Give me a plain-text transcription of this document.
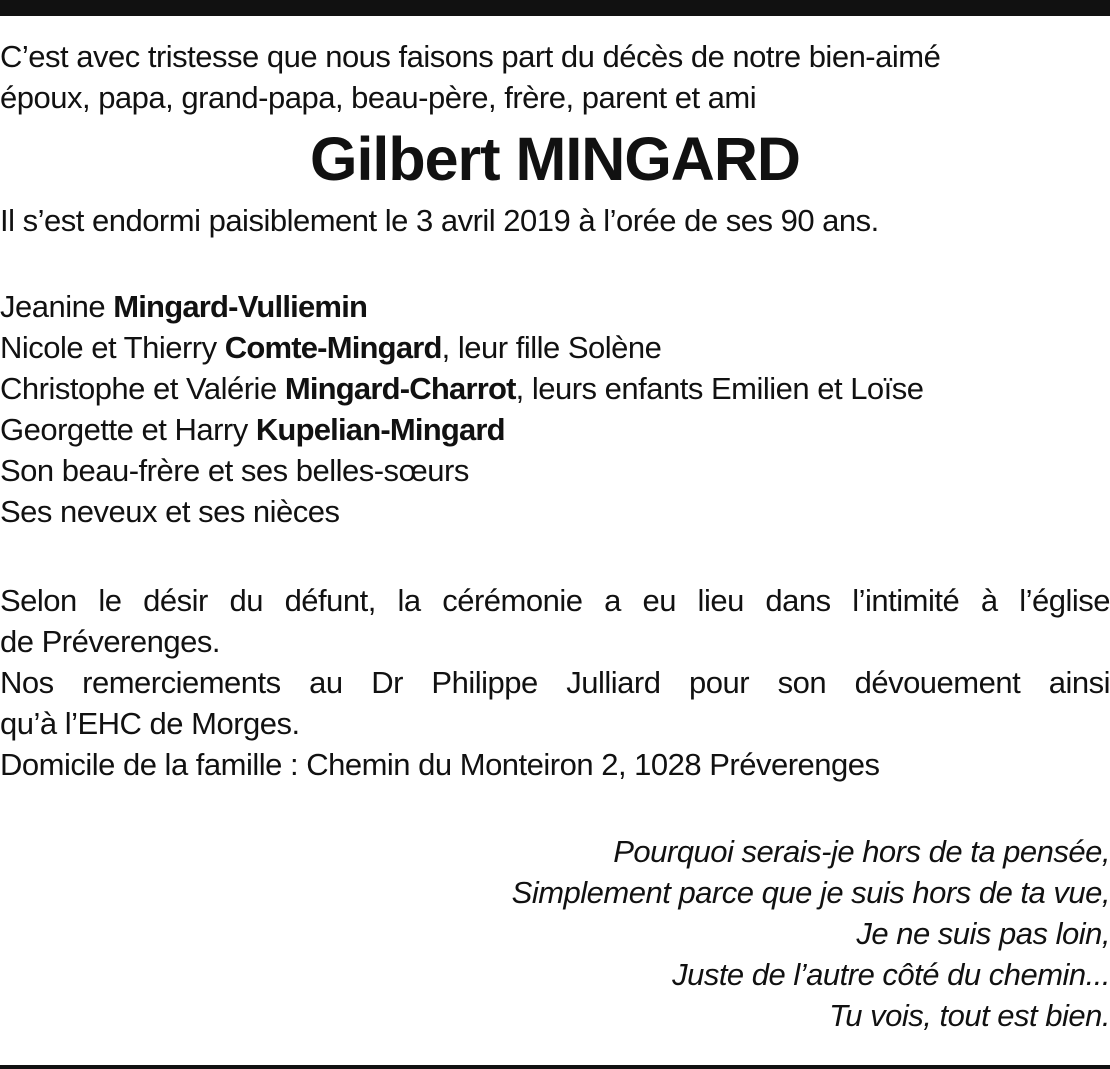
C’est avec tristesse que nous faisons part du décès de notre bien-aimé

époux, papa, grand-papa, beau-père, frère, parent et ami

Gilbert MINGARD

Il s’est endormi paisiblement le 3 avril 2019 à l’orée de ses 90 ans.

Jeanine Mingard-Vulliemin

Nicole et Thierry Comte-Mingard, leur fille Solène

Christophe et Valérie Mingard-Charrot, leurs enfants Emilien et Loïse

Georgette et Harry Kupelian-Mingard

Son beau-frère et ses belles-sœurs

Ses neveux et ses nièces

Selon le désir du défunt, la cérémonie a eu lieu dans l’intimité à l’église

de Préverenges.

Nos remerciements au Dr Philippe Julliard pour son dévouement ainsi

qu’à l’EHC de Morges.

Domicile de la famille : Chemin du Monteiron 2, 1028 Préverenges

Pourquoi serais-je hors de ta pensée,

Simplement parce que je suis hors de ta vue,

Je ne suis pas loin,

Juste de l’autre côté du chemin...

Tu vois, tout est bien.
